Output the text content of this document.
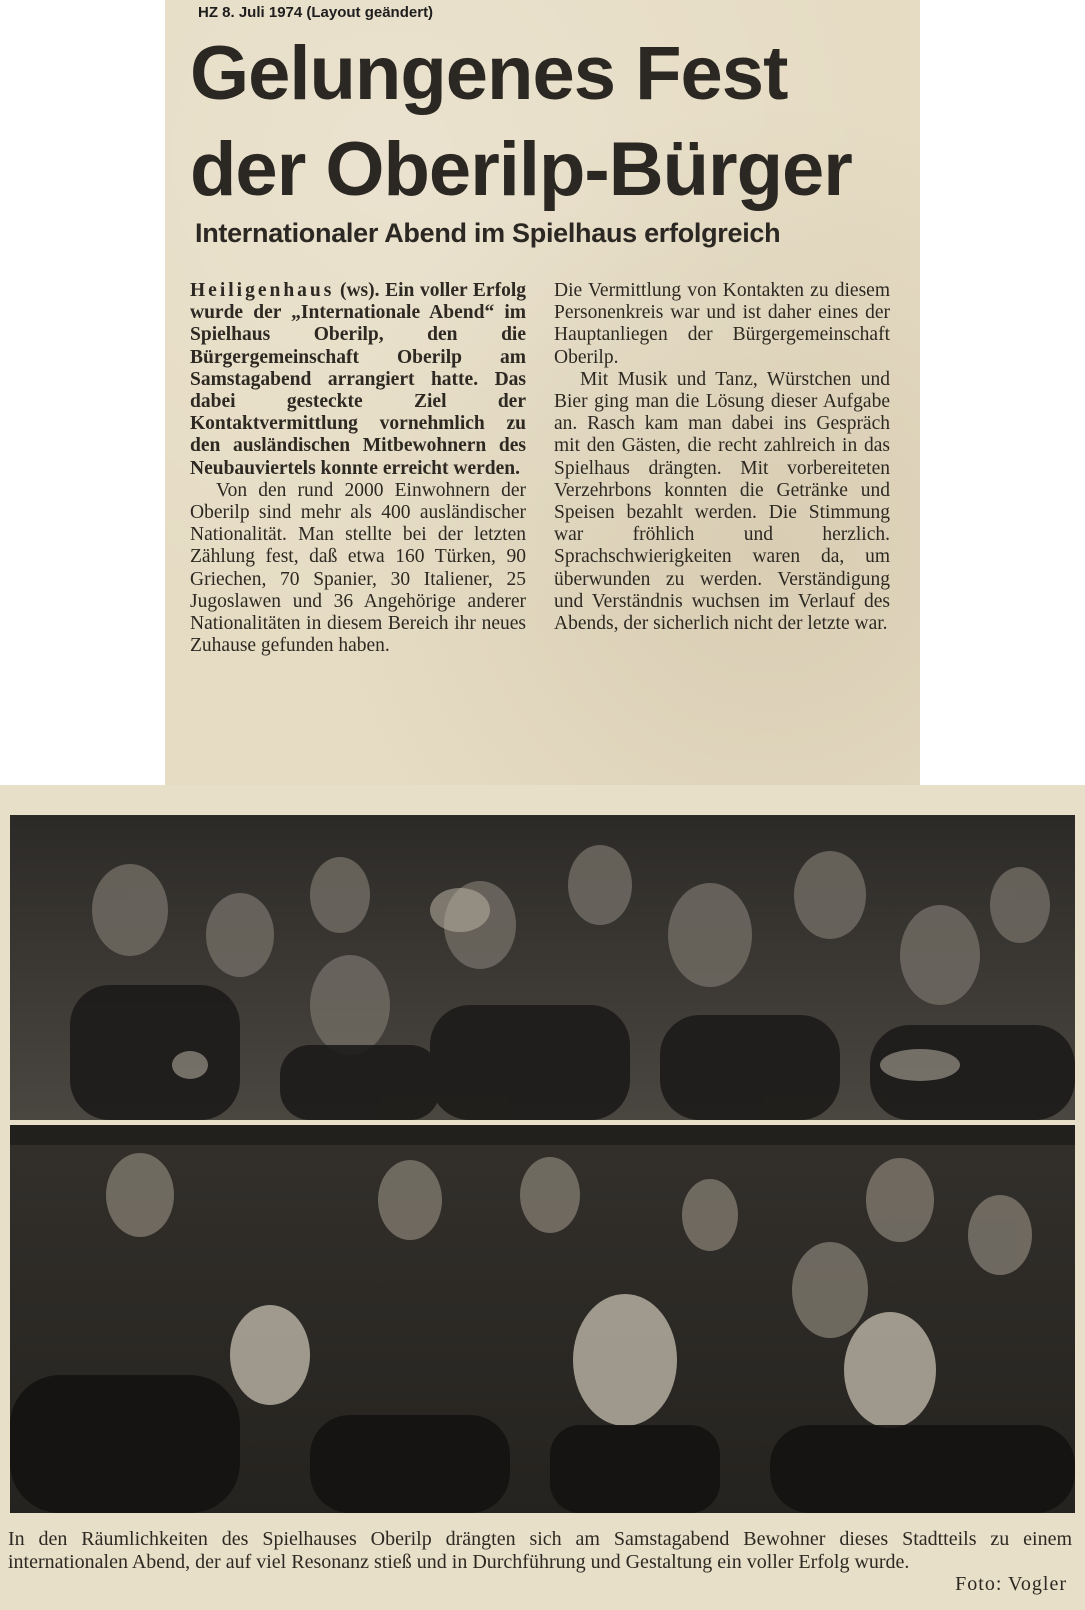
HZ 8. Juli 1974 (Layout geändert)
Gelungenes Fest
der Oberilp-Bürger
Internationaler Abend im Spielhaus erfolgreich

Heiligenhaus (ws). Ein voller Erfolg wurde der „Internationale Abend“ im Spielhaus Oberilp, den die Bürgergemeinschaft Oberilp am Samstagabend arrangiert hatte. Das dabei gesteckte Ziel der Kontaktvermittlung vornehmlich zu den ausländischen Mitbewohnern des Neubauviertels konnte erreicht werden.

Von den rund 2000 Einwohnern der Oberilp sind mehr als 400 ausländischer Nationalität. Man stellte bei der letzten Zählung fest, daß etwa 160 Türken, 90 Griechen, 70 Spanier, 30 Italiener, 25 Jugoslawen und 36 Angehörige anderer Nationalitäten in diesem Bereich ihr neues Zuhause gefunden haben.

Die Vermittlung von Kontakten zu diesem Personenkreis war und ist daher eines der Hauptanliegen der Bürgergemeinschaft Oberilp.

Mit Musik und Tanz, Würstchen und Bier ging man die Lösung dieser Aufgabe an. Rasch kam man dabei ins Gespräch mit den Gästen, die recht zahlreich in das Spielhaus drängten. Mit vorbereiteten Verzehrbons konnten die Getränke und Speisen bezahlt werden. Die Stimmung war fröhlich und herzlich. Sprachschwierigkeiten waren da, um überwunden zu werden. Verständigung und Verständnis wuchsen im Verlauf des Abends, der sicherlich nicht der letzte war.

In den Räumlichkeiten des Spielhauses Oberilp drängten sich am Samstagabend Bewohner dieses Stadtteils zu einem internationalen Abend, der auf viel Resonanz stieß und in Durchführung und Gestaltung ein voller Erfolg wurde.
Foto: Vogler
